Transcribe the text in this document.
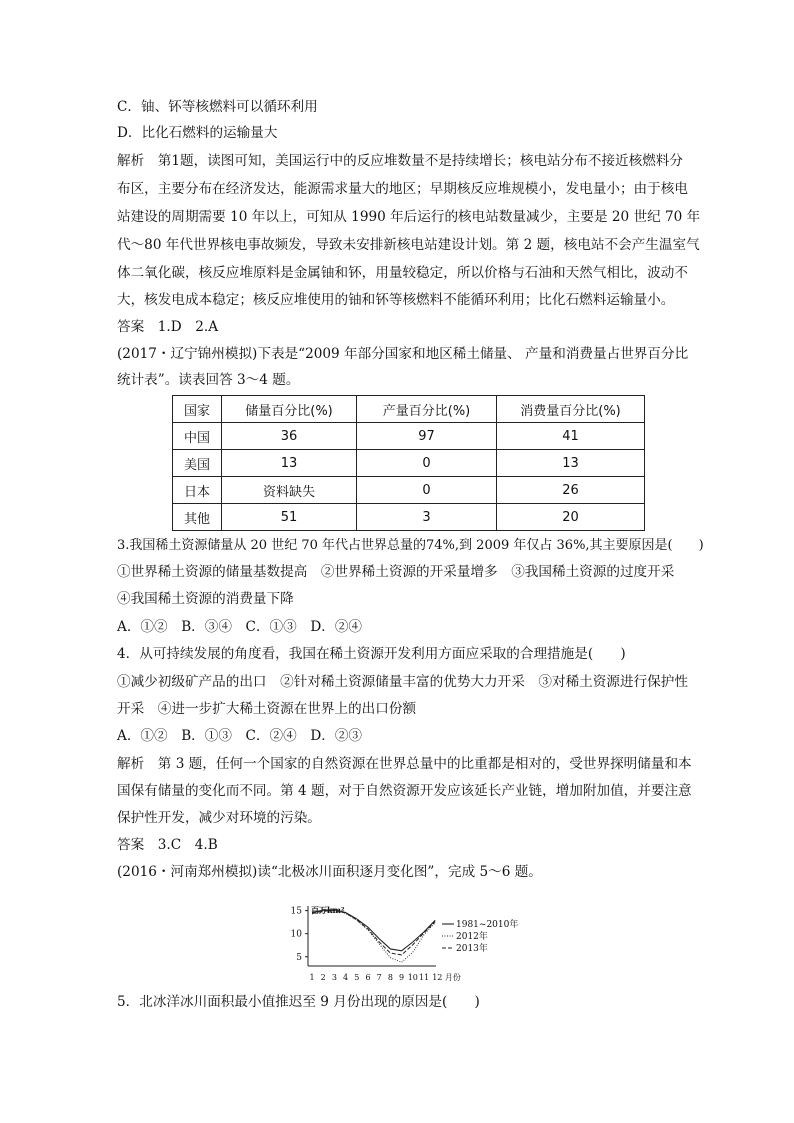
C．铀、钚等核燃料可以循环利用
D．比化石燃料的运输量大
解析　第1题，读图可知，美国运行中的反应堆数量不是持续增长；核电站分布不接近核燃料分
布区，主要分布在经济发达，能源需求量大的地区；早期核反应堆规模小，发电量小；由于核电
站建设的周期需要 10 年以上，可知从 1990 年后运行的核电站数量减少，主要是 20 世纪 70 年
代～80 年代世界核电事故频发，导致未安排新核电站建设计划。第 2 题，核电站不会产生温室气
体二氧化碳，核反应堆原料是金属铀和钚，用量较稳定，所以价格与石油和天然气相比，波动不
大，核发电成本稳定；核反应堆使用的铀和钚等核燃料不能循环利用；比化石燃料运输量小。
答案　1.D　2.A
(2017・辽宁锦州模拟)下表是“2009 年部分国家和地区稀土储量、 产量和消费量占世界百分比
统计表”。读表回答 3～4 题。
国家	储量百分比(%)	产量百分比(%)	消费量百分比(%)
中国	36	97	41
美国	13	0	13
日本	资料缺失	0	26
其他	51	3	20
3.我国稀土资源储量从 20 世纪 70 年代占世界总量的74%,到 2009 年仅占 36%,其主要原因是(　　)
①世界稀土资源的储量基数提高　②世界稀土资源的开采量增多　③我国稀土资源的过度开采
④我国稀土资源的消费量下降
A．①②　B．③④　C．①③　D．②④
4．从可持续发展的角度看，我国在稀土资源开发利用方面应采取的合理措施是(　　)
①减少初级矿产品的出口　②针对稀土资源储量丰富的优势大力开采　③对稀土资源进行保护性
开采　④进一步扩大稀土资源在世界上的出口份额
A．①②　B．①③　C．②④　D．②③
解析　第 3 题，任何一个国家的自然资源在世界总量中的比重都是相对的，受世界探明储量和本
国保有储量的变化而不同。第 4 题，对于自然资源开发应该延长产业链，增加附加值，并要注意
保护性开发，减少对环境的污染。
答案　3.C　4.B
(2016・河南郑州模拟)读“北极冰川面积逐月变化图”，完成 5～6 题。
百万km²
15
10
5
1 2 3 4 5 6 7 8 9 10 11 12 月份
1981~2010年
2012年
2013年
5．北冰洋冰川面积最小值推迟至 9 月份出现的原因是(　　)
